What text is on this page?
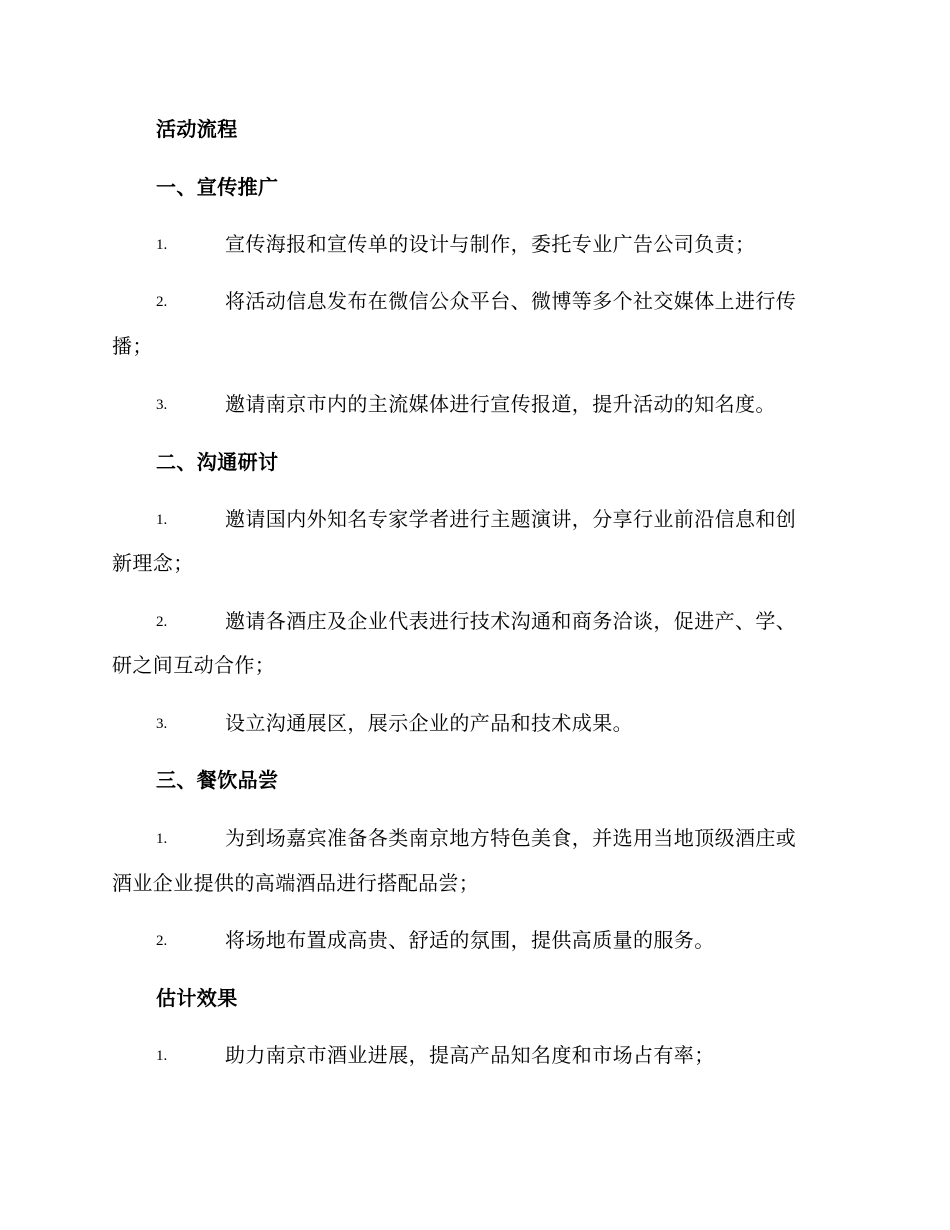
活动流程
一、宣传推广
1.	宣传海报和宣传单的设计与制作，委托专业广告公司负责；
2.	将活动信息发布在微信公众平台、微博等多个社交媒体上进行传
播；
3.	邀请南京市内的主流媒体进行宣传报道，提升活动的知名度。
二、沟通研讨
1.	邀请国内外知名专家学者进行主题演讲，分享行业前沿信息和创
新理念；
2.	邀请各酒庄及企业代表进行技术沟通和商务洽谈，促进产、学、
研之间互动合作；
3.	设立沟通展区，展示企业的产品和技术成果。
三、餐饮品尝
1.	为到场嘉宾准备各类南京地方特色美食，并选用当地顶级酒庄或
酒业企业提供的高端酒品进行搭配品尝；
2.	将场地布置成高贵、舒适的氛围，提供高质量的服务。
估计效果
1.	助力南京市酒业进展，提高产品知名度和市场占有率；
